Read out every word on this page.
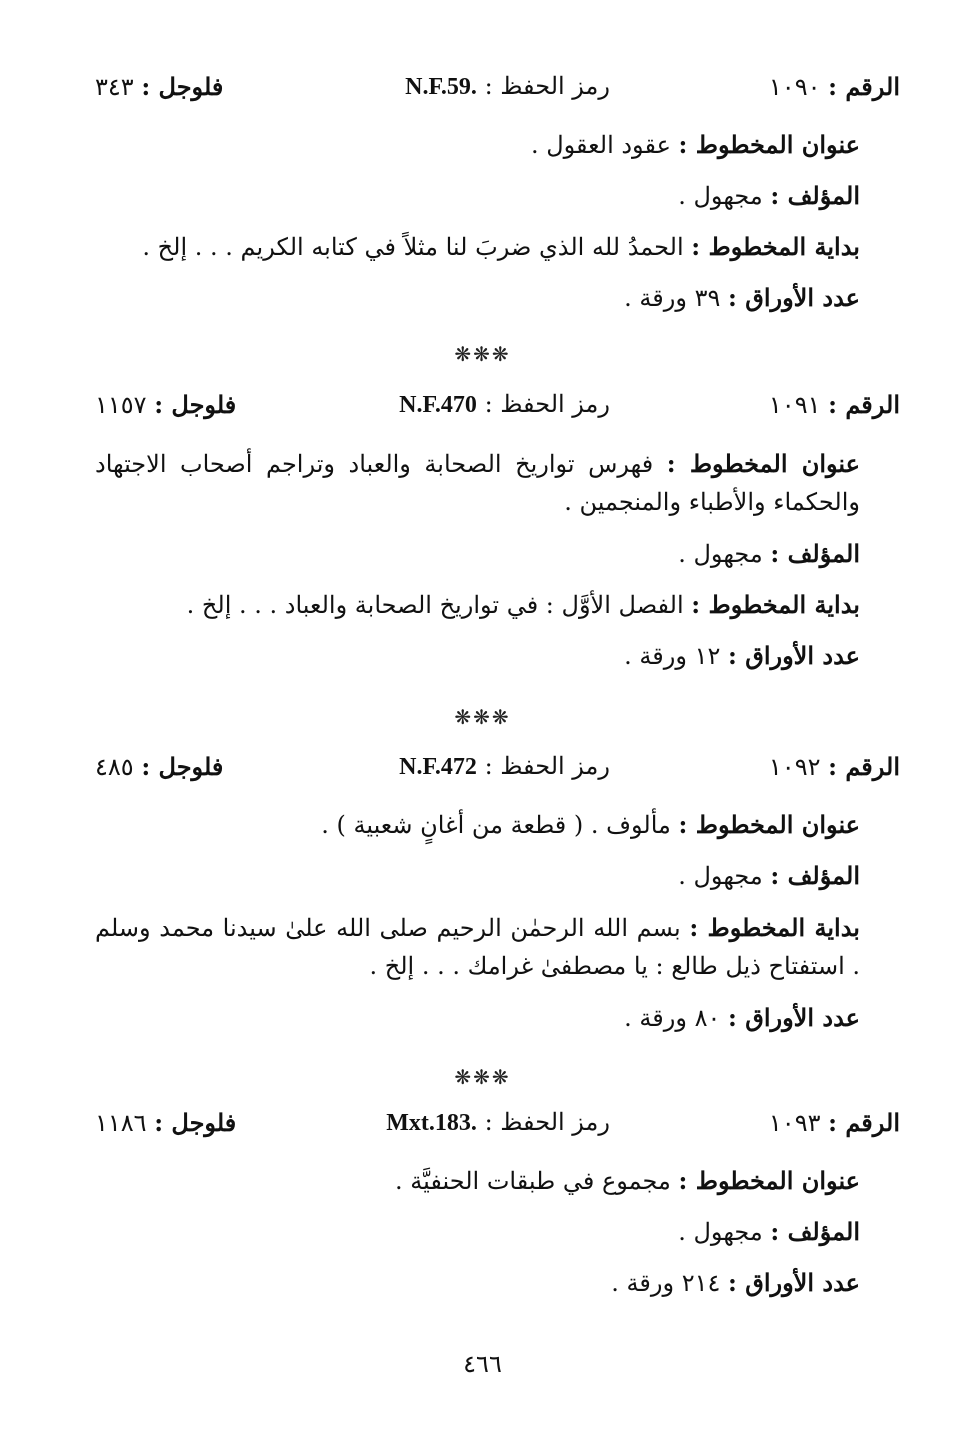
الرقم : ١٠٩٠
رمز الحفظ : N.F.59.
فلوجل : ٣٤٣
عنوان المخطوط : عقود العقول .
المؤلف : مجهول .
بداية المخطوط : الحمدُ لله الذي ضربَ لنا مثلاً في كتابه الكريم . . . إلخ .
عدد الأوراق : ٣٩ ورقة .
❋❋❋
الرقم : ١٠٩١
رمز الحفظ : N.F.470
فلوجل : ١١٥٧
عنوان المخطوط : فهرس تواريخ الصحابة والعباد وتراجم أصحاب الاجتهاد والحكماء والأطباء والمنجمين .
المؤلف : مجهول .
بداية المخطوط : الفصل الأوَّل : في تواريخ الصحابة والعباد . . . إلخ .
عدد الأوراق : ١٢ ورقة .
❋❋❋
الرقم : ١٠٩٢
رمز الحفظ : N.F.472
فلوجل : ٤٨٥
عنوان المخطوط : مألوف . ( قطعة من أغانٍ شعبية ) .
المؤلف : مجهول .
بداية المخطوط : بسم الله الرحمٰن الرحيم صلى الله علىٰ سيدنا محمد وسلم . استفتاح ذيل طالع : يا مصطفىٰ غرامك . . . إلخ .
عدد الأوراق : ٨٠ ورقة .
❋❋❋
الرقم : ١٠٩٣
رمز الحفظ : Mxt.183.
فلوجل : ١١٨٦
عنوان المخطوط : مجموع في طبقات الحنفيَّة .
المؤلف : مجهول .
عدد الأوراق : ٢١٤ ورقة .
٤٦٦
